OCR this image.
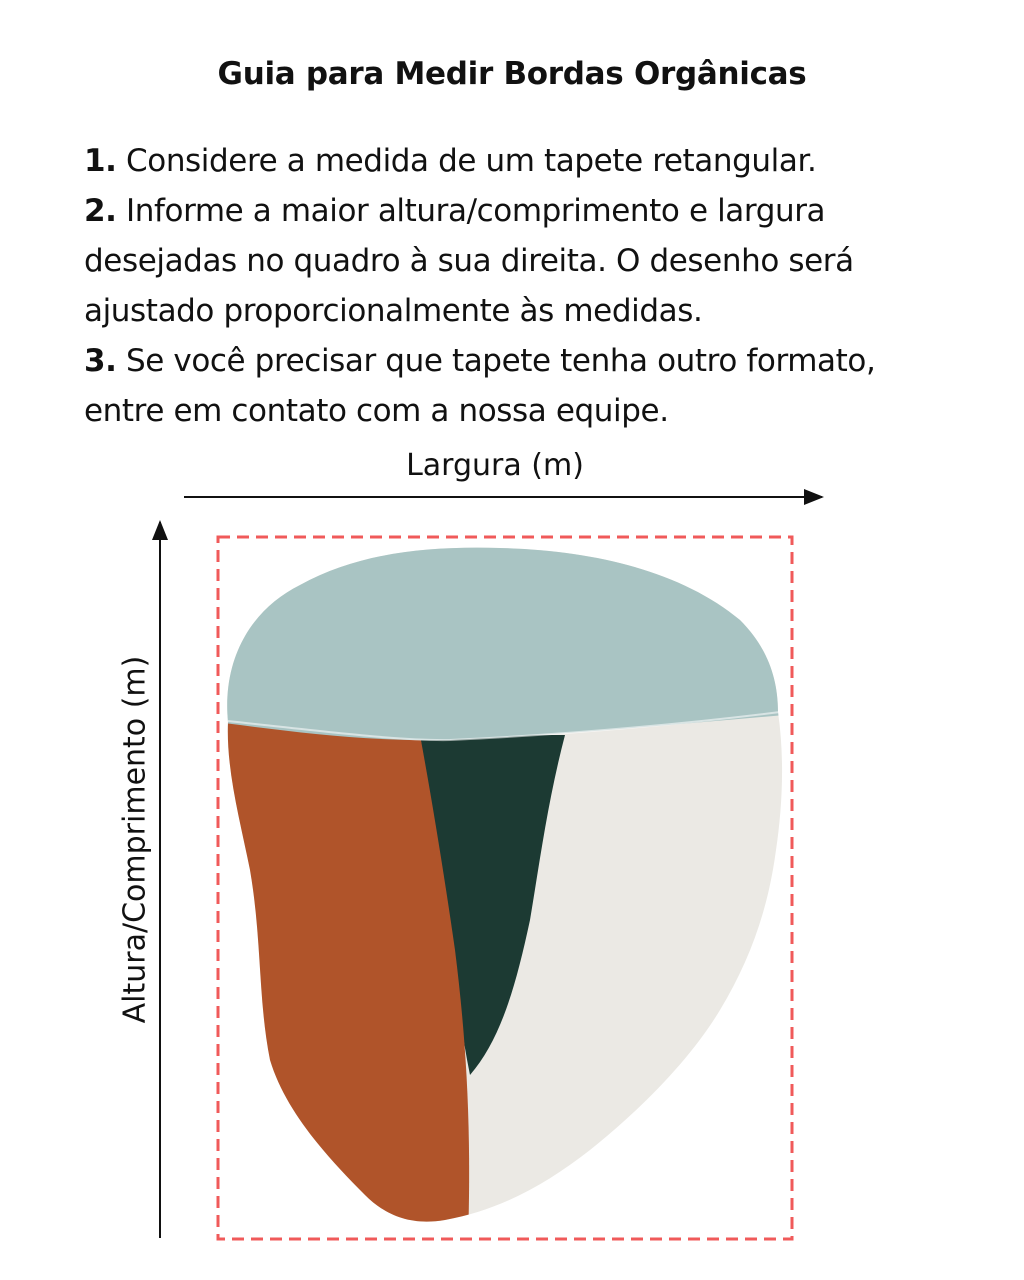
Guia para Medir Bordas Orgânicas
1. Considere a medida de um tapete retangular.
2. Informe a maior altura/comprimento e largura desejadas no quadro à sua direita. O desenho será ajustado proporcionalmente às medidas.
3. Se você precisar que tapete tenha outro formato, entre em contato com a nossa equipe.
Largura (m)
Altura/Comprimento (m)
